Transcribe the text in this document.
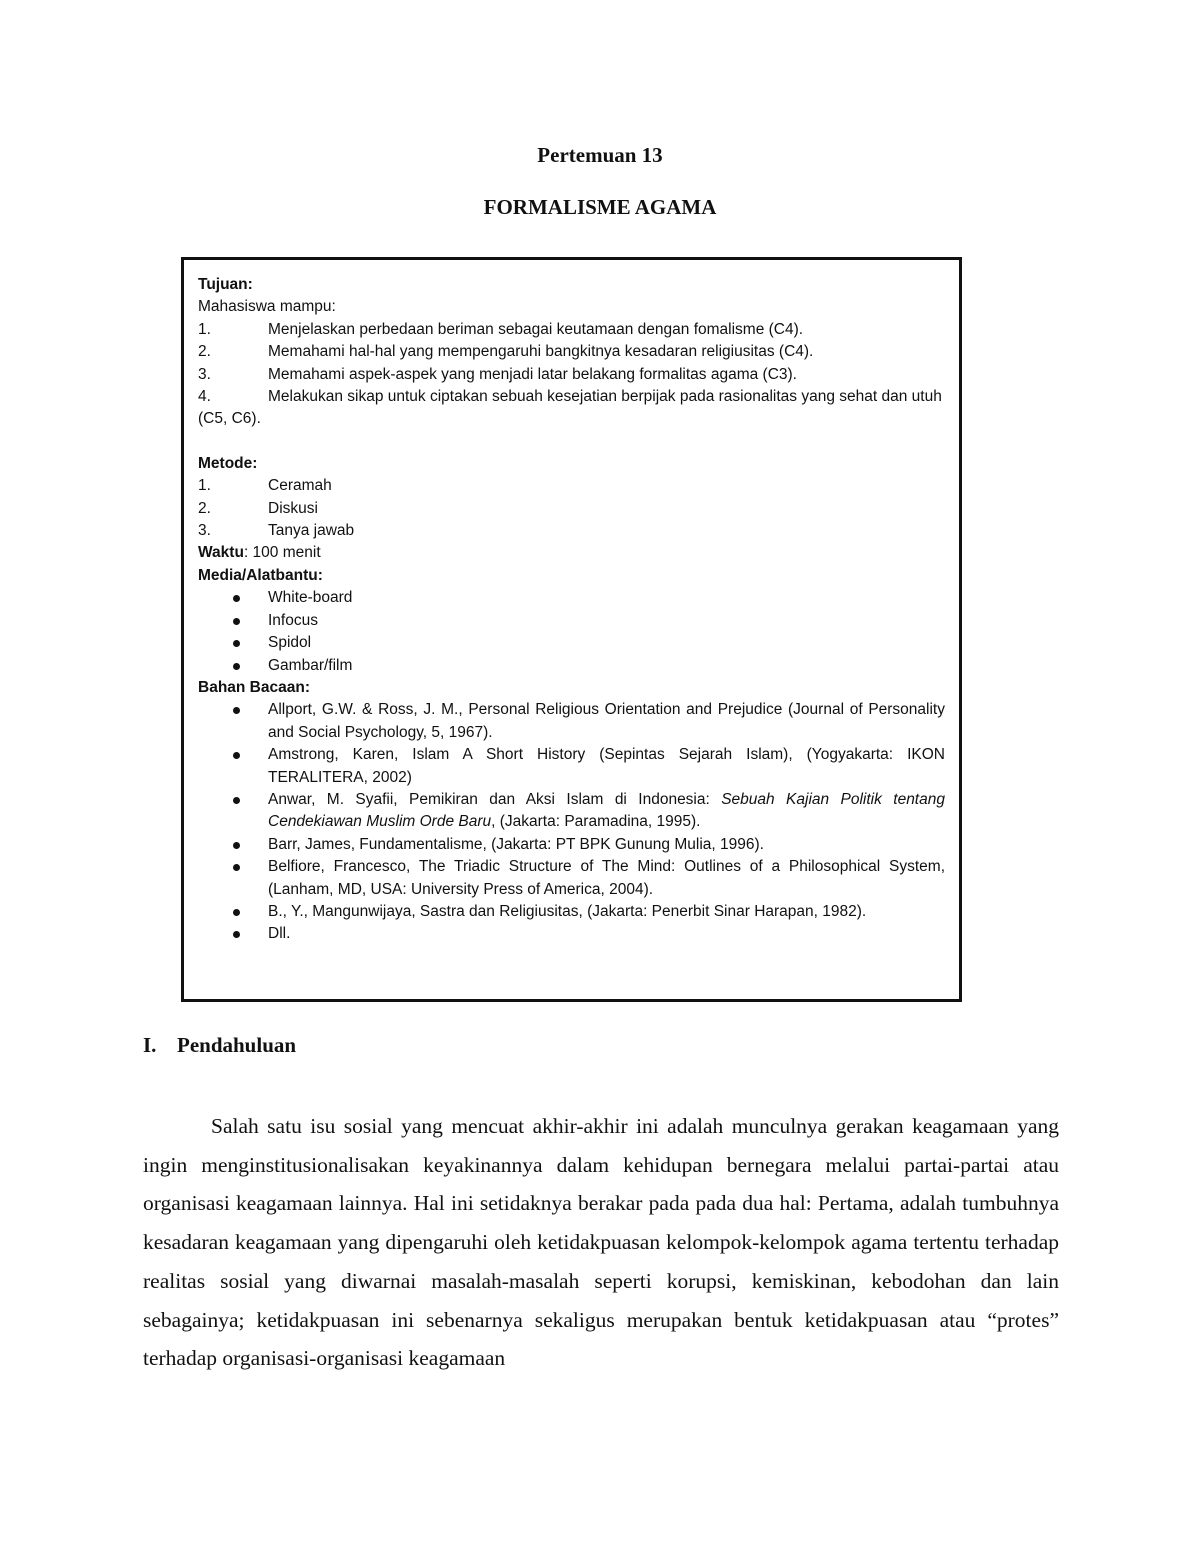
Pertemuan 13
FORMALISME AGAMA
Tujuan:
Mahasiswa mampu:
1.	Menjelaskan perbedaan beriman sebagai keutamaan dengan fomalisme (C4).
2.	Memahami hal-hal yang mempengaruhi bangkitnya kesadaran religiusitas (C4).
3.	Memahami aspek-aspek yang menjadi latar belakang formalitas agama (C3).
4.	Melakukan sikap untuk ciptakan sebuah kesejatian berpijak pada rasionalitas yang sehat dan utuh (C5, C6).
Metode:
1.	Ceramah
2.	Diskusi
3.	Tanya jawab
Waktu: 100 menit
Media/Alatbantu:
White-board
Infocus
Spidol
Gambar/film
Bahan Bacaan:
Allport, G.W. & Ross, J. M., Personal Religious Orientation and Prejudice (Journal of Personality and Social Psychology, 5, 1967).
Amstrong, Karen, Islam A Short History (Sepintas Sejarah Islam), (Yogyakarta: IKON TERALITERA, 2002)
Anwar, M. Syafii, Pemikiran dan Aksi Islam di Indonesia: Sebuah Kajian Politik tentang Cendekiawan Muslim Orde Baru, (Jakarta: Paramadina, 1995).
Barr, James, Fundamentalisme, (Jakarta: PT BPK Gunung Mulia, 1996).
Belfiore, Francesco, The Triadic Structure of The Mind: Outlines of a Philosophical System, (Lanham, MD, USA: University Press of America, 2004).
B., Y., Mangunwijaya, Sastra dan Religiusitas, (Jakarta: Penerbit Sinar Harapan, 1982).
Dll.
I. Pendahuluan

Salah satu isu sosial yang mencuat akhir-akhir ini adalah munculnya gerakan keagamaan yang ingin menginstitusionalisakan keyakinannya dalam kehidupan bernegara melalui partai-partai atau organisasi keagamaan lainnya. Hal ini setidaknya berakar pada pada dua hal: Pertama, adalah tumbuhnya kesadaran keagamaan yang dipengaruhi oleh ketidakpuasan kelompok-kelompok agama tertentu terhadap realitas sosial yang diwarnai masalah-masalah seperti korupsi, kemiskinan, kebodohan dan lain sebagainya; ketidakpuasan ini sebenarnya sekaligus merupakan bentuk ketidakpuasan atau “protes” terhadap organisasi-organisasi keagamaan
